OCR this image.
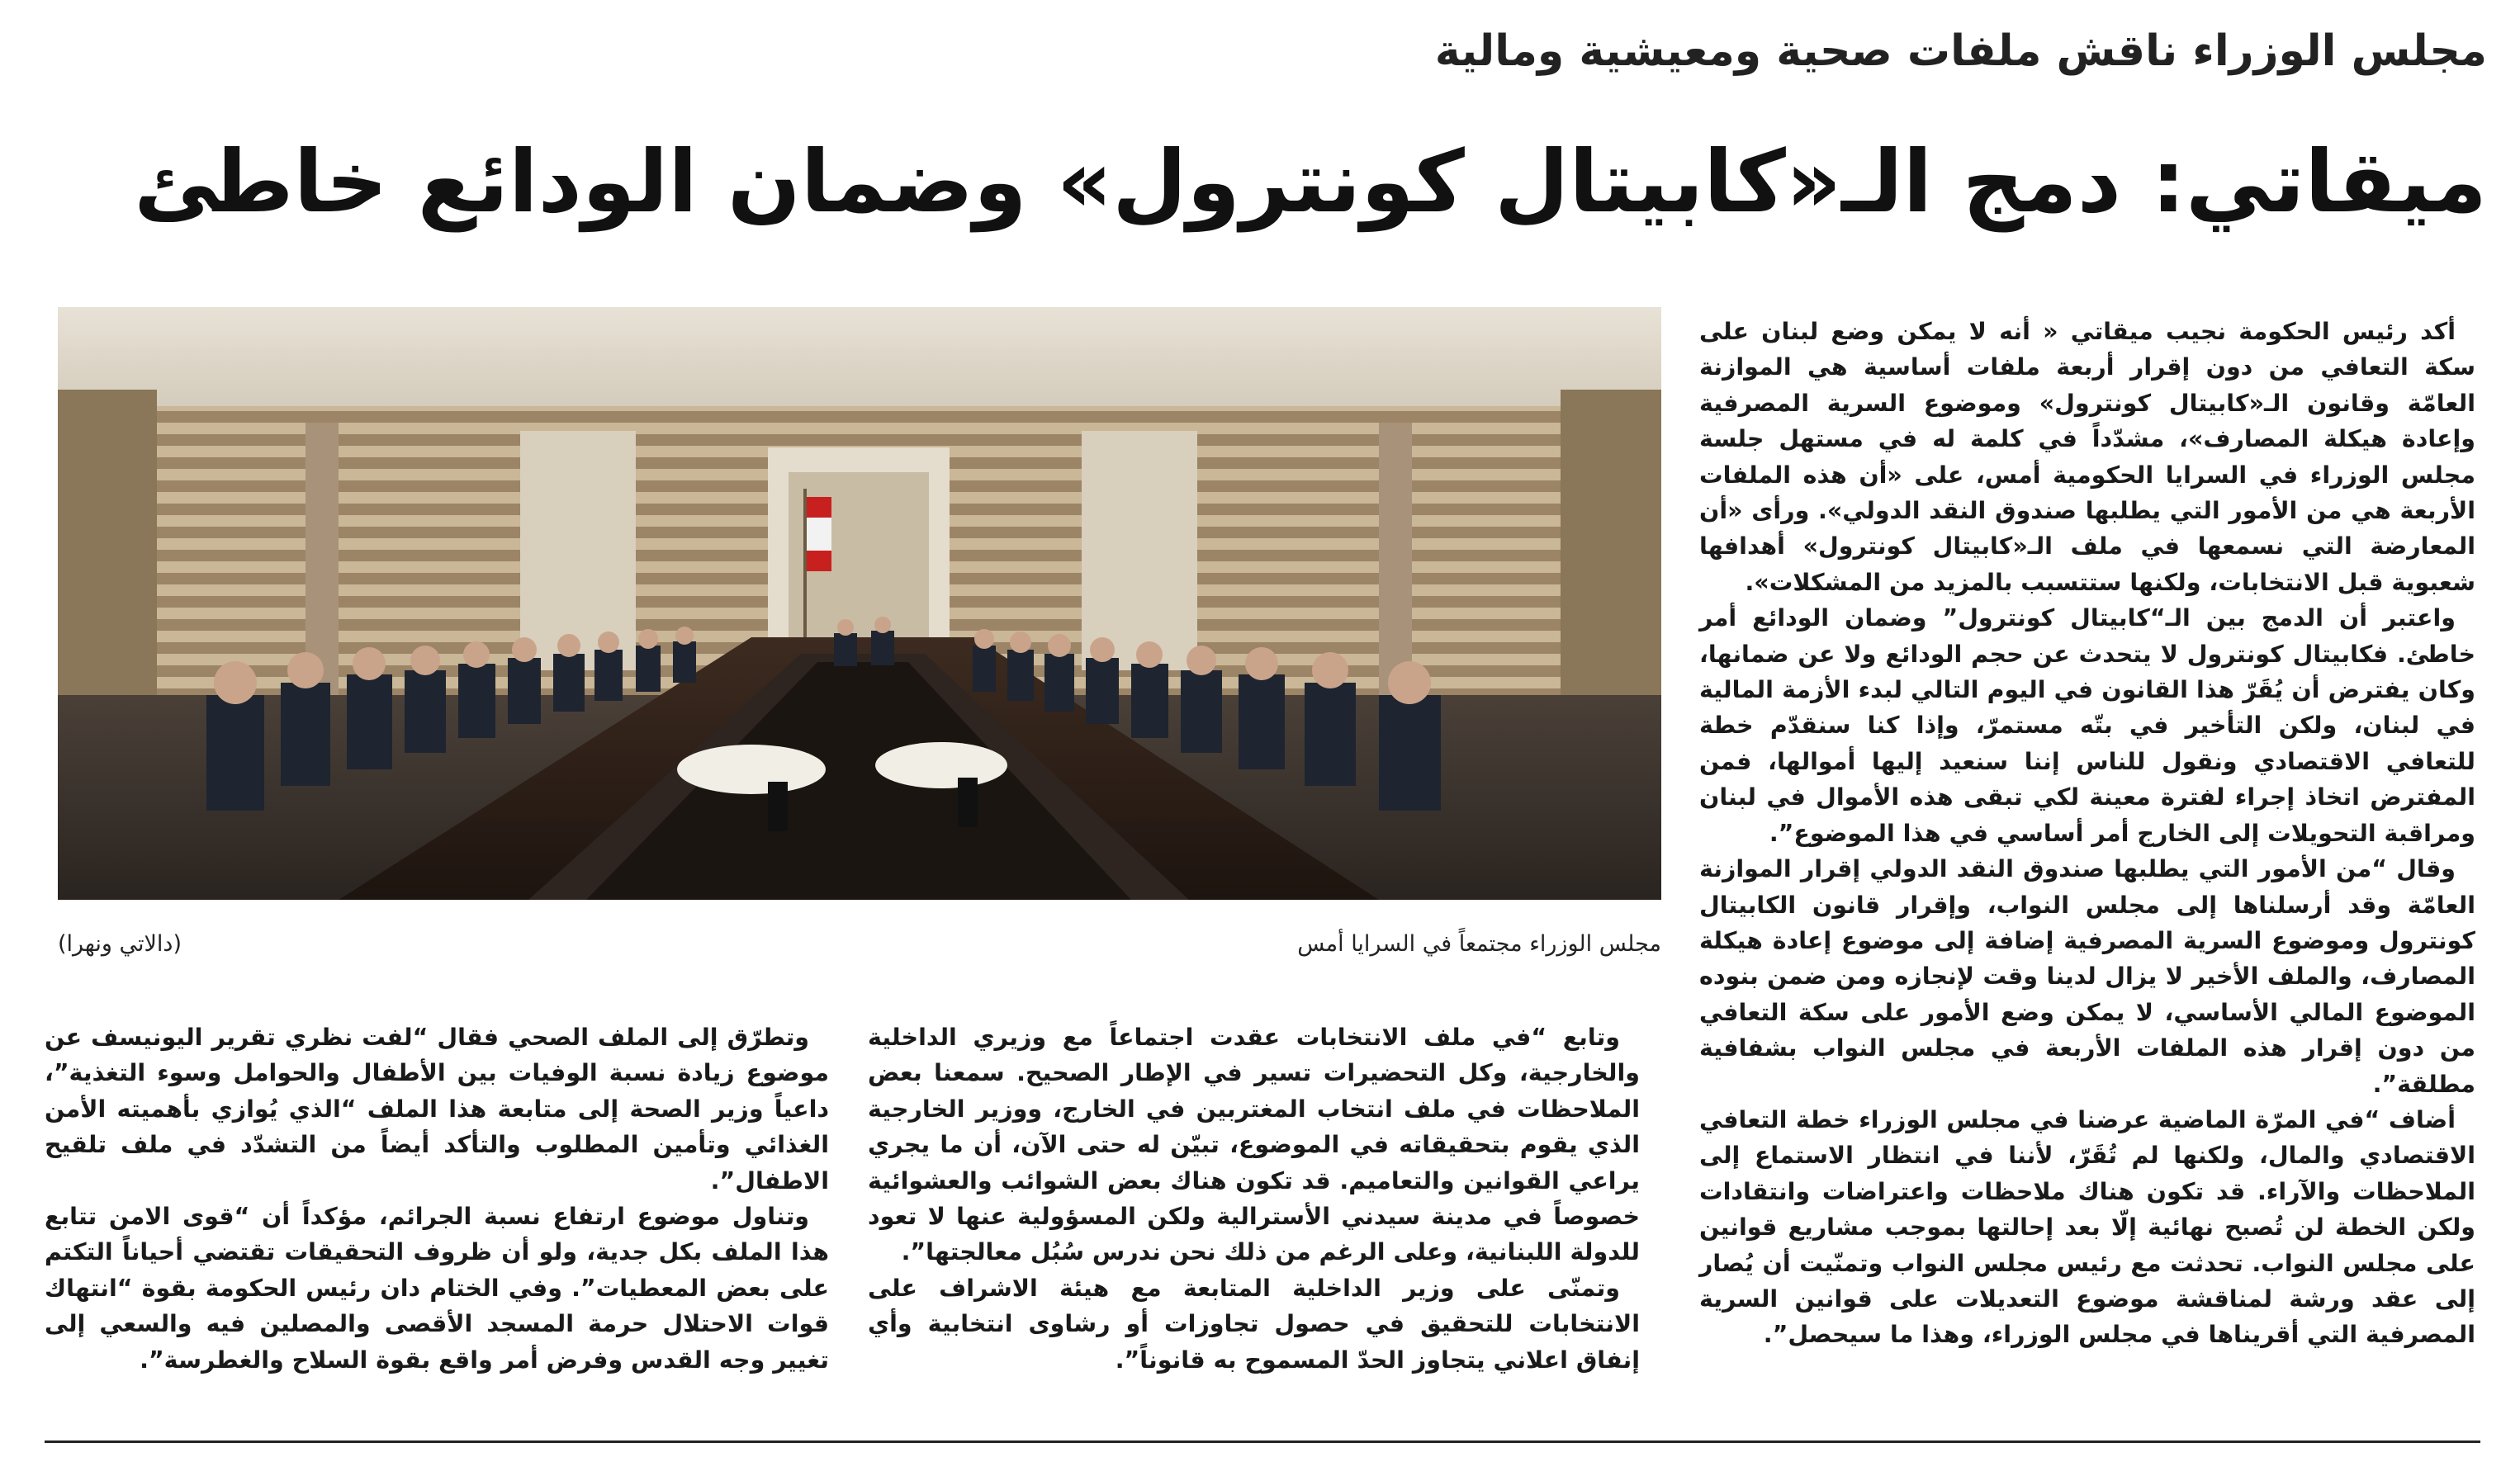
مجلس الوزراء ناقش ملفات صحية ومعيشية ومالية
ميقاتي: دمج الـ«كابيتال كونترول» وضمان الودائع خاطئ

أكد رئيس الحكومة نجيب ميقاتي « أنه لا يمكن وضع لبنان على سكة التعافي من دون إقرار أربعة ملفات أساسية هي الموازنة العامّة وقانون الـ«كابيتال كونترول» وموضوع السرية المصرفية وإعادة هيكلة المصارف»، مشدّداً في كلمة له في مستهل جلسة مجلس الوزراء في السرايا الحكومية أمس، على «أن هذه الملفات الأربعة هي من الأمور التي يطلبها صندوق النقد الدولي». ورأى «أن المعارضة التي نسمعها في ملف الـ«كابيتال كونترول» أهدافها شعبوية قبل الانتخابات، ولكنها ستتسبب بالمزيد من المشكلات».

واعتبر أن الدمج بين الـ“كابيتال كونترول” وضمان الودائع أمر خاطئ. فكابيتال كونترول لا يتحدث عن حجم الودائع ولا عن ضمانها، وكان يفترض أن يُقَرّ هذا القانون في اليوم التالي لبدء الأزمة المالية في لبنان، ولكن التأخير في بتّه مستمرّ، وإذا كنا سنقدّم خطة للتعافي الاقتصادي ونقول للناس إننا سنعيد إليها أموالها، فمن المفترض اتخاذ إجراء لفترة معينة لكي تبقى هذه الأموال في لبنان ومراقبة التحويلات إلى الخارج أمر أساسي في هذا الموضوع”.

وقال “من الأمور التي يطلبها صندوق النقد الدولي إقرار الموازنة العامّة وقد أرسلناها إلى مجلس النواب، وإقرار قانون الكابيتال كونترول وموضوع السرية المصرفية إضافة إلى موضوع إعادة هيكلة المصارف، والملف الأخير لا يزال لدينا وقت لإنجازه ومن ضمن بنوده الموضوع المالي الأساسي، لا يمكن وضع الأمور على سكة التعافي من دون إقرار هذه الملفات الأربعة في مجلس النواب بشفافية مطلقة”.

أضاف “في المرّة الماضية عرضنا في مجلس الوزراء خطة التعافي الاقتصادي والمال، ولكنها لم تُقَرّ، لأننا في انتظار الاستماع إلى الملاحظات والآراء. قد تكون هناك ملاحظات واعتراضات وانتقادات ولكن الخطة لن تُصبح نهائية إلّا بعد إحالتها بموجب مشاريع قوانين على مجلس النواب. تحدثت مع رئيس مجلس النواب وتمنّيت أن يُصار إلى عقد ورشة لمناقشة موضوع التعديلات على قوانين السرية المصرفية التي أقريناها في مجلس الوزراء، وهذا ما سيحصل”.

مجلس الوزراء مجتمعاً في السرايا أمس
(دالاتي ونهرا)

وتابع “في ملف الانتخابات عقدت اجتماعاً مع وزيري الداخلية والخارجية، وكل التحضيرات تسير في الإطار الصحيح. سمعنا بعض الملاحظات في ملف انتخاب المغتربين في الخارج، ووزير الخارجية الذي يقوم بتحقيقاته في الموضوع، تبيّن له حتى الآن، أن ما يجري يراعي القوانين والتعاميم. قد تكون هناك بعض الشوائب والعشوائية خصوصاً في مدينة سيدني الأسترالية ولكن المسؤولية عنها لا تعود للدولة اللبنانية، وعلى الرغم من ذلك نحن ندرس سُبُل معالجتها”.

وتمنّى على وزير الداخلية المتابعة مع هيئة الاشراف على الانتخابات للتحقيق في حصول تجاوزات أو رشاوى انتخابية وأي إنفاق اعلاني يتجاوز الحدّ المسموح به قانوناً”.

وتطرّق إلى الملف الصحي فقال “لفت نظري تقرير اليونيسف عن موضوع زيادة نسبة الوفيات بين الأطفال والحوامل وسوء التغذية”، داعياً وزير الصحة إلى متابعة هذا الملف “الذي يُوازي بأهميته الأمن الغذائي وتأمين المطلوب والتأكد أيضاً من التشدّد في ملف تلقيح الاطفال”.

وتناول موضوع ارتفاع نسبة الجرائم، مؤكداً أن “قوى الامن تتابع هذا الملف بكل جدية، ولو أن ظروف التحقيقات تقتضي أحياناً التكتم على بعض المعطيات”. وفي الختام دان رئيس الحكومة بقوة “انتهاك قوات الاحتلال حرمة المسجد الأقصى والمصلين فيه والسعي إلى تغيير وجه القدس وفرض أمر واقع بقوة السلاح والغطرسة”.
